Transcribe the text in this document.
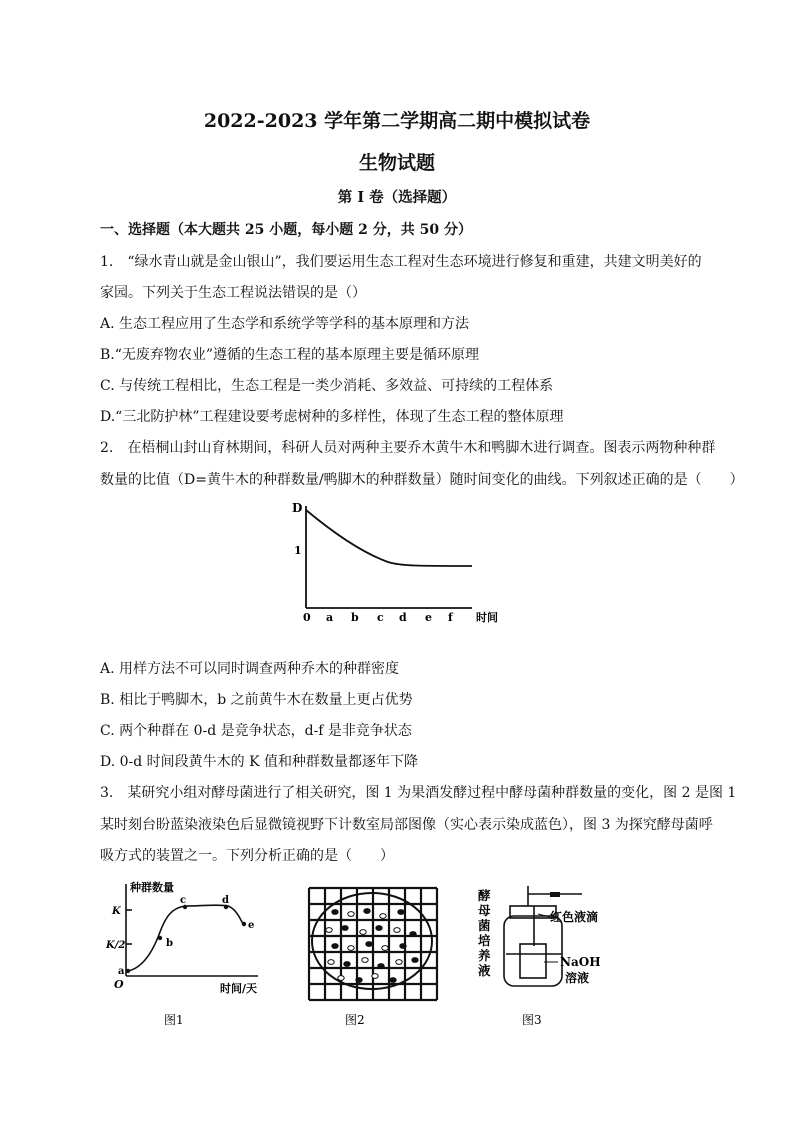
2022-2023 学年第二学期高二期中模拟试卷
生物试题
第 I 卷（选择题）
一、选择题（本大题共 25 小题，每小题 2 分，共 50 分）
1.　“绿水青山就是金山银山”，我们要运用生态工程对生态环境进行修复和重建，共建文明美好的
家园。下列关于生态工程说法错误的是（）
A. 生态工程应用了生态学和系统学等学科的基本原理和方法
B.“无废弃物农业”遵循的生态工程的基本原理主要是循环原理
C. 与传统工程相比，生态工程是一类少消耗、多效益、可持续的工程体系
D.“三北防护林”工程建设要考虑树种的多样性，体现了生态工程的整体原理
2.　在梧桐山封山育林期间，科研人员对两种主要乔木黄牛木和鸭脚木进行调查。图表示两物种种群
数量的比值（D=黄牛木的种群数量/鸭脚木的种群数量）随时间变化的曲线。下列叙述正确的是（　　）
D
1
0 a b c d e f 时间
A. 用样方法不可以同时调查两种乔木的种群密度
B. 相比于鸭脚木，b 之前黄牛木在数量上更占优势
C. 两个种群在 0-d 是竞争状态，d-f 是非竞争状态
D. 0-d 时间段黄牛木的 K 值和种群数量都逐年下降
3.　某研究小组对酵母菌进行了相关研究，图 1 为果酒发酵过程中酵母菌种群数量的变化，图 2 是图 1
某时刻台盼蓝染液染色后显微镜视野下计数室局部图像（实心表示染成蓝色），图 3 为探究酵母菌呼
吸方式的装置之一。下列分析正确的是（　　）
种群数量
K
K/2
O
a
b
c	d
e
时间/天
图1	图2
酵
母
菌
培
养
液
红色液滴
NaOH
溶液
图3
